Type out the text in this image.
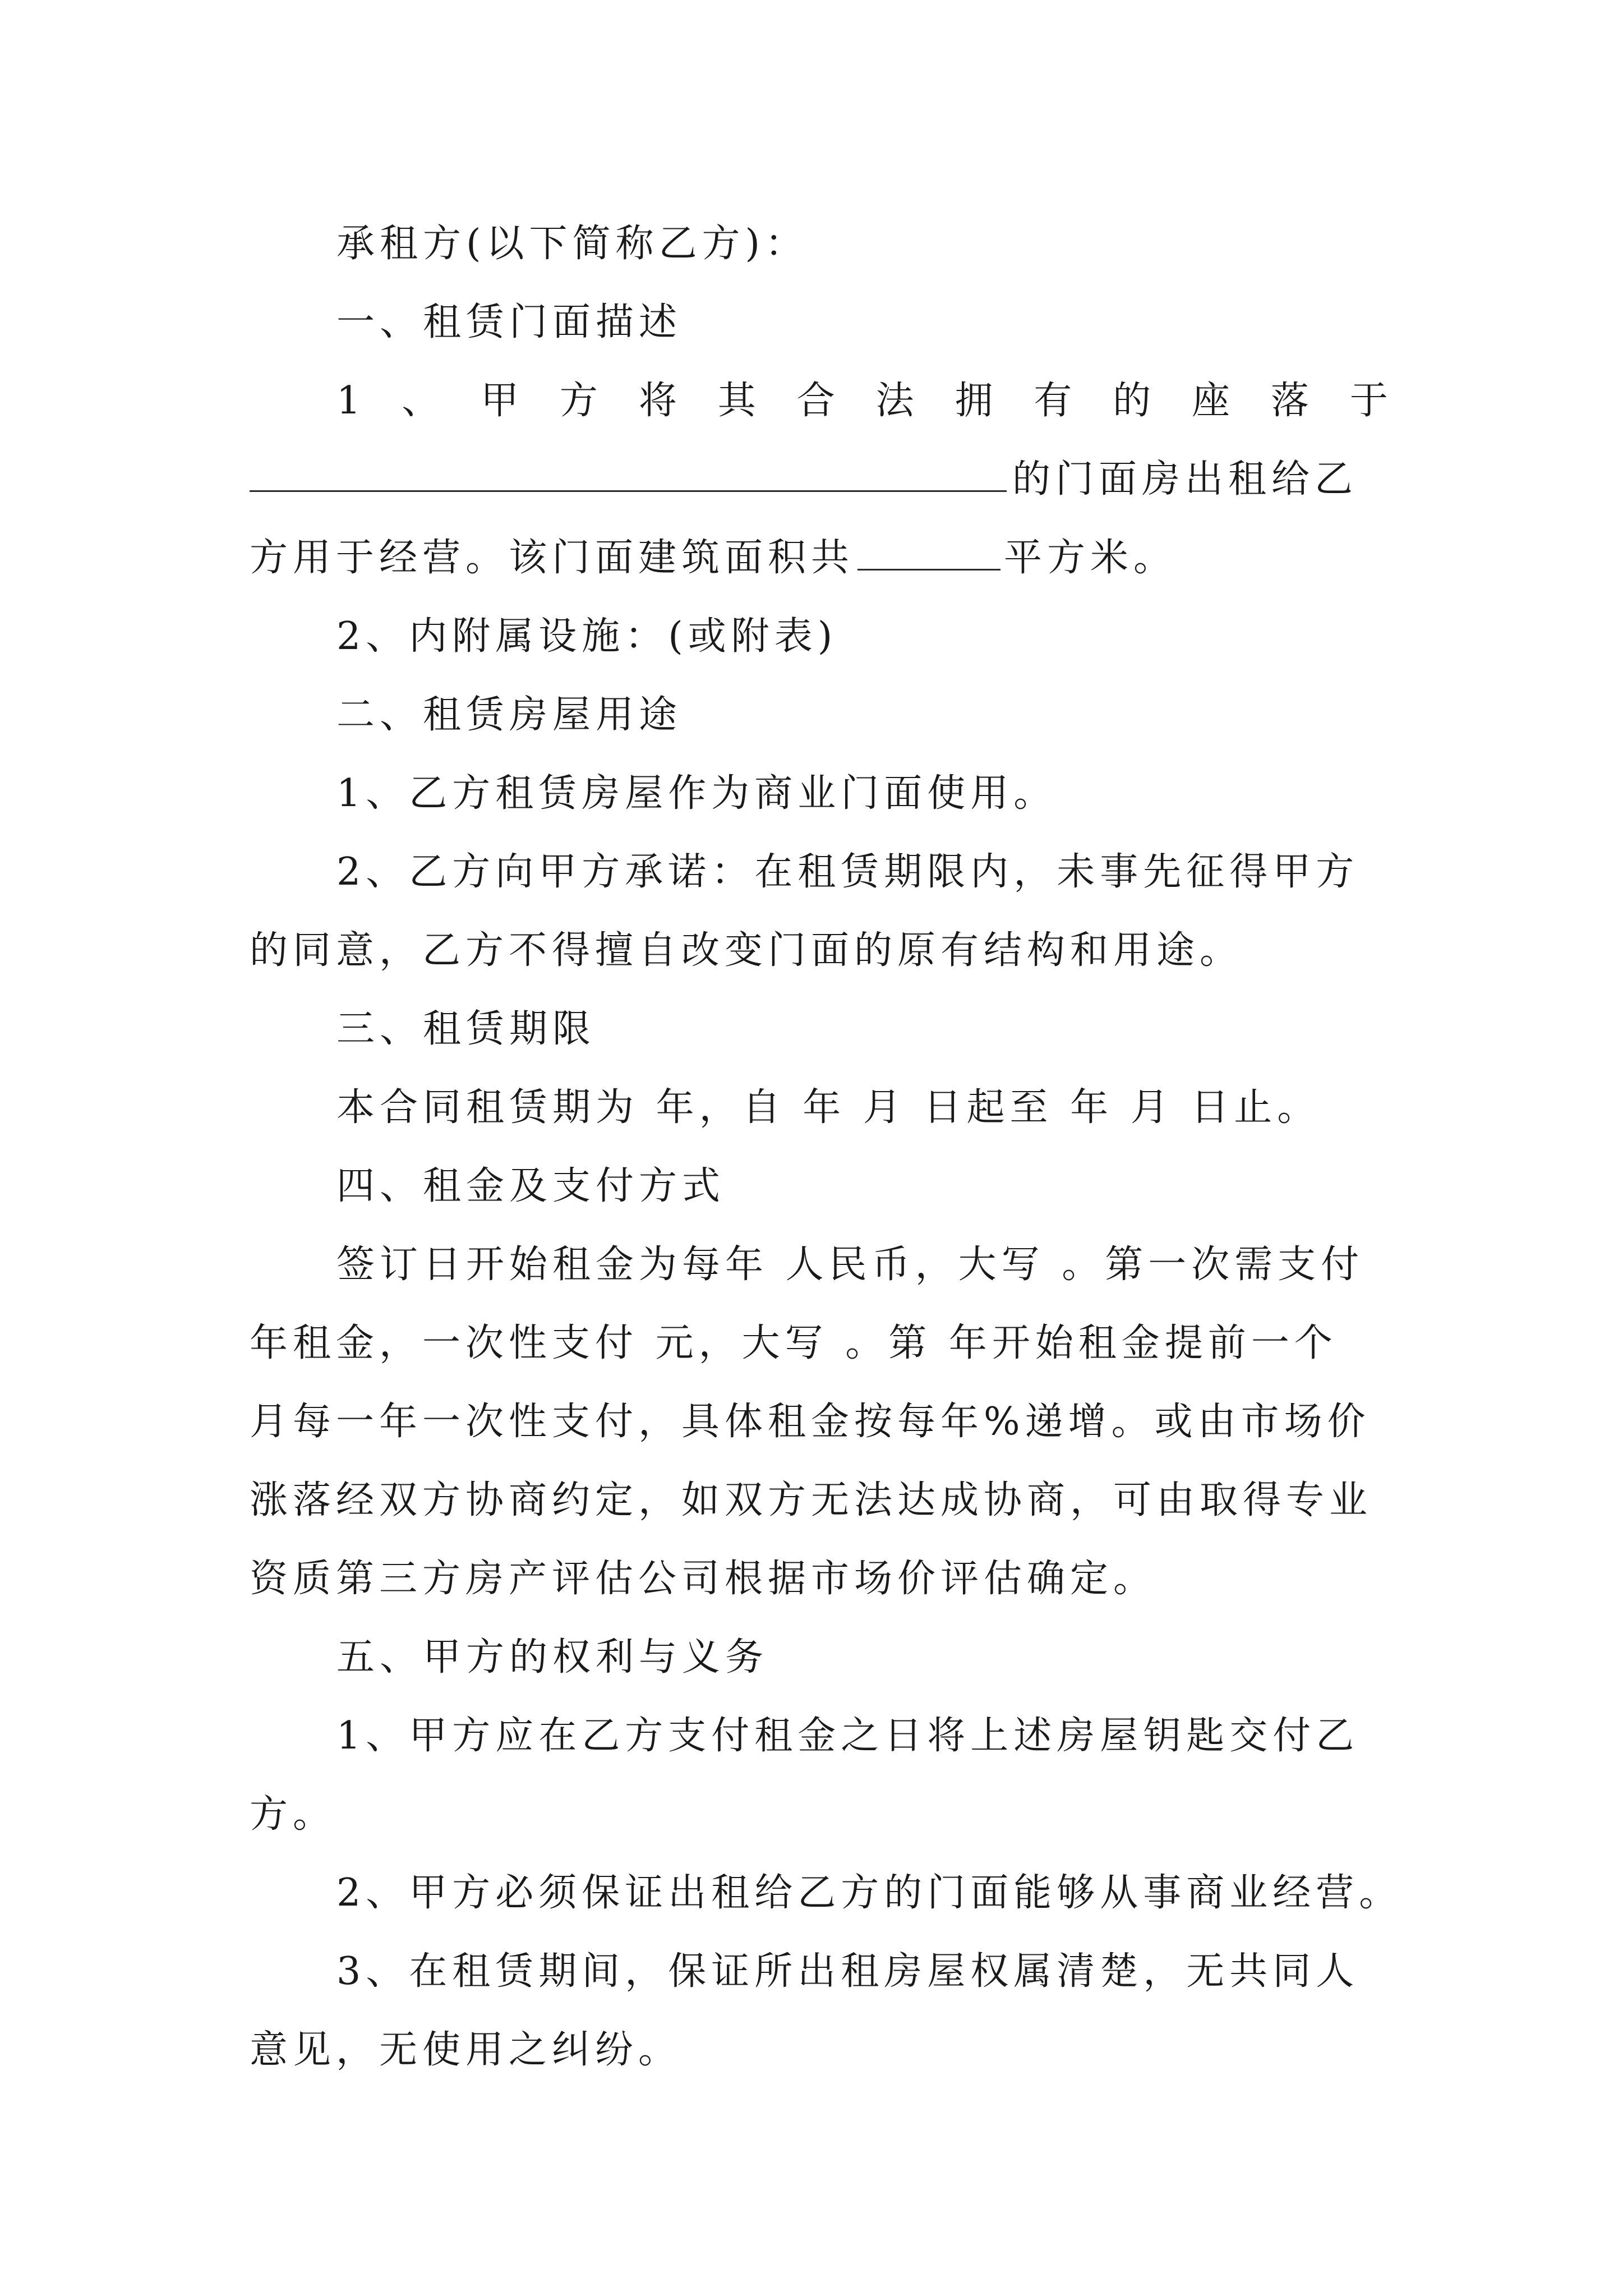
承租方(以下简称乙方)：
一、租赁门面描述
1 、 甲 方 将 其 合 法 拥 有 的 座 落 于
的门面房出租给乙
方用于经营。该门面建筑面积共	平方米。
2、内附属设施：(或附表)
二、租赁房屋用途
1、乙方租赁房屋作为商业门面使用。
2、乙方向甲方承诺：在租赁期限内，未事先征得甲方
的同意，乙方不得擅自改变门面的原有结构和用途。
三、租赁期限
本合同租赁期为 年，自 年 月 日起至 年 月 日止。
四、租金及支付方式
签订日开始租金为每年 人民币，大写 。第一次需支付
年租金，一次性支付 元，大写 。第 年开始租金提前一个
月每一年一次性支付，具体租金按每年%递增。或由市场价
涨落经双方协商约定，如双方无法达成协商，可由取得专业
资质第三方房产评估公司根据市场价评估确定。
五、甲方的权利与义务
1、甲方应在乙方支付租金之日将上述房屋钥匙交付乙
方。
2、甲方必须保证出租给乙方的门面能够从事商业经营。
3、在租赁期间，保证所出租房屋权属清楚，无共同人
意见，无使用之纠纷。
